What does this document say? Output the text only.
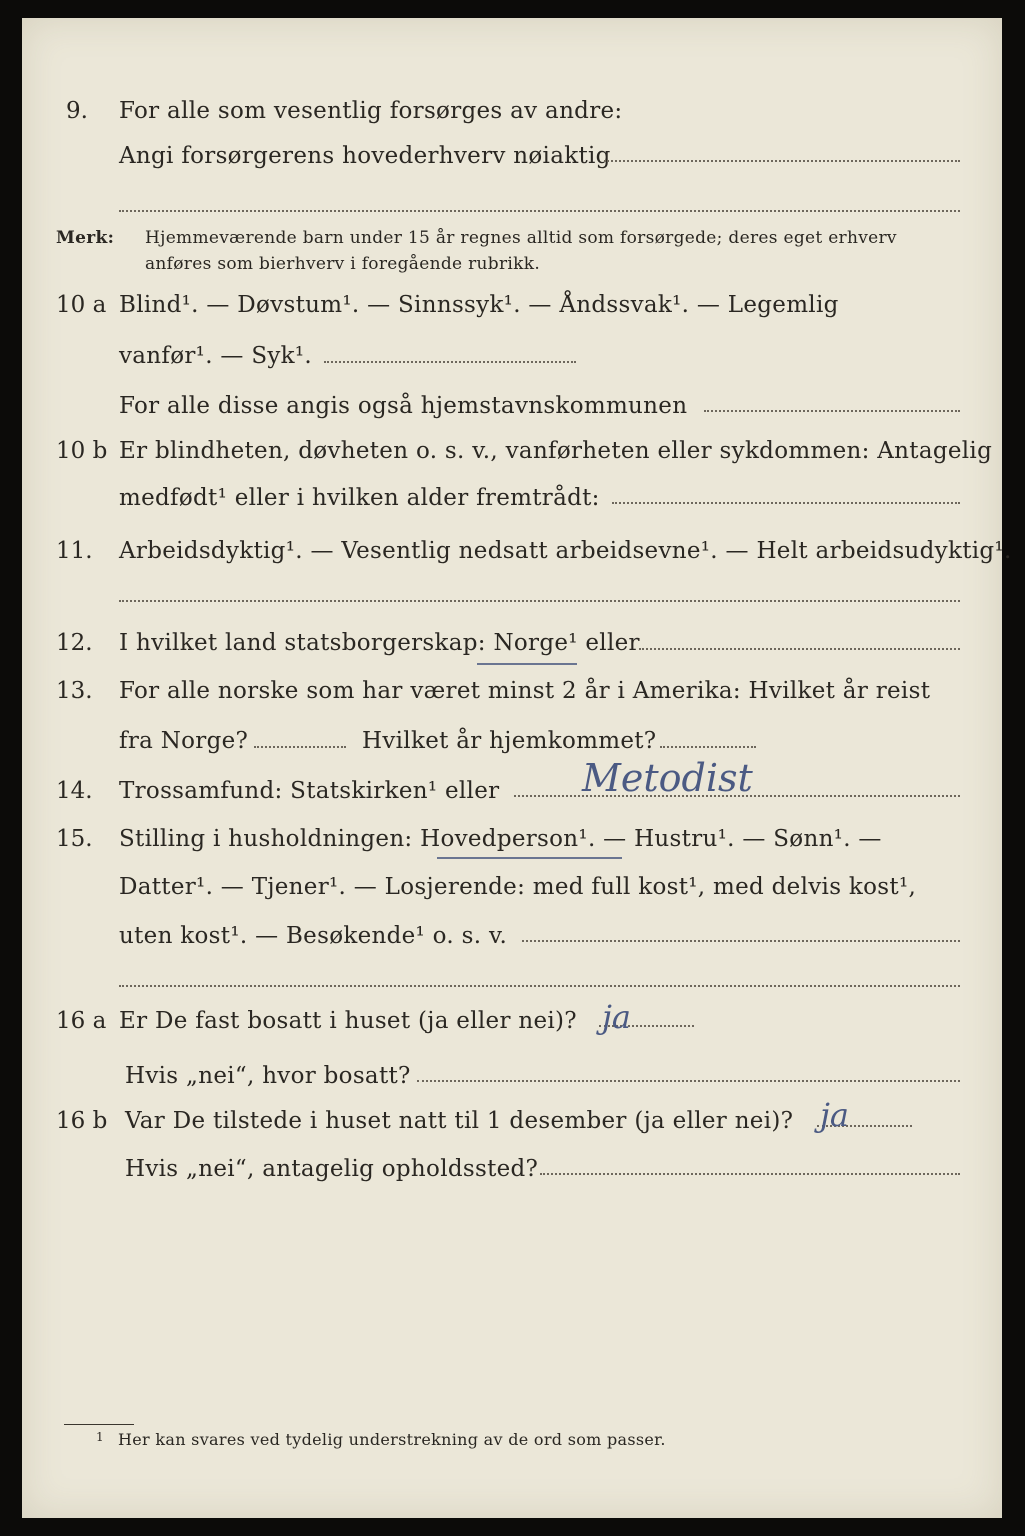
9. For alle som vesentlig forsørges av andre:
Angi forsørgerens hovederhverv nøiaktig
Merk: Hjemmeværende barn under 15 år regnes alltid som forsørgede; deres eget erhverv
anføres som bierhverv i foregående rubrikk.
10 a Blind¹. — Døvstum¹. — Sinnssyk¹. — Åndssvak¹. — Legemlig
vanfør¹. — Syk¹.
For alle disse angis også hjemstavnskommunen
10 b Er blindheten, døvheten o. s. v., vanførheten eller sykdommen: Antagelig
medfødt¹ eller i hvilken alder fremtrådt:
11. Arbeidsdyktig¹. — Vesentlig nedsatt arbeidsevne¹. — Helt arbeidsudyktig¹.
12. I hvilket land statsborgerskap: Norge¹ eller
13. For alle norske som har været minst 2 år i Amerika: Hvilket år reist
fra Norge?	Hvilket år hjemkommet?
14. Trossamfund: Statskirken¹ eller Metodist
15. Stilling i husholdningen: Hovedperson¹. — Hustru¹. — Sønn¹. —
Datter¹. — Tjener¹. — Losjerende: med full kost¹, med delvis kost¹,
uten kost¹. — Besøkende¹ o. s. v.
16 a Er De fast bosatt i huset (ja eller nei)? ja
Hvis „nei“, hvor bosatt?
16 b Var De tilstede i huset natt til 1 desember (ja eller nei)? ja
Hvis „nei“, antagelig opholdssted?
1 Her kan svares ved tydelig understrekning av de ord som passer.
